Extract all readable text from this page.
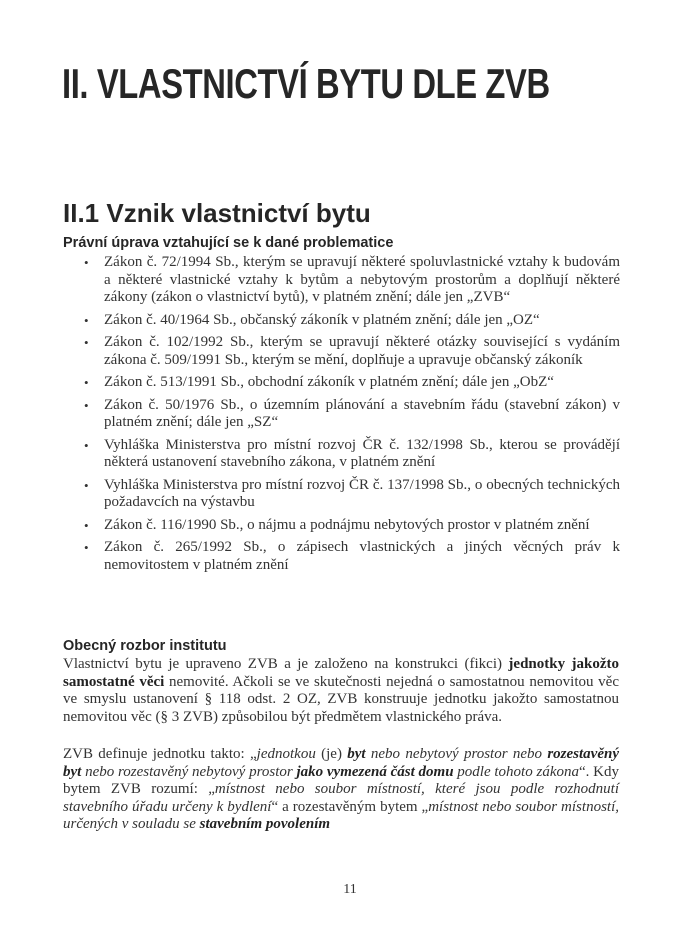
II. VLASTNICTVÍ BYTU DLE ZVB
II.1 Vznik vlastnictví bytu
Právní úprava vztahující se k dané problematice
• Zákon č. 72/1994 Sb., kterým se upravují některé spoluvlastnické vztahy k budovám a některé vlastnické vztahy k bytům a nebytovým prostorům a doplňují některé zákony (zákon o vlastnictví bytů), v platném znění; dále jen „ZVB“
• Zákon č. 40/1964 Sb., občanský zákoník v platném znění; dále jen „OZ“
• Zákon č. 102/1992 Sb., kterým se upravují některé otázky související s vydáním zákona č. 509/1991 Sb., kterým se mění, doplňuje a upravuje občanský zákoník
• Zákon č. 513/1991 Sb., obchodní zákoník v platném znění; dále jen „ObZ“
• Zákon č. 50/1976 Sb., o územním plánování a stavebním řádu (stavební zákon) v platném znění; dále jen „SZ“
• Vyhláška Ministerstva pro místní rozvoj ČR č. 132/1998 Sb., kterou se provádějí některá ustanovení stavebního zákona, v platném znění
• Vyhláška Ministerstva pro místní rozvoj ČR č. 137/1998 Sb., o obecných technických požadavcích na výstavbu
• Zákon č. 116/1990 Sb., o nájmu a podnájmu nebytových prostor v platném znění
• Zákon č. 265/1992 Sb., o zápisech vlastnických a jiných věcných práv k nemovitostem v platném znění
Obecný rozbor institutu

Vlastnictví bytu je upraveno ZVB a je založeno na konstrukci (fikci) jednotky jakožto samostatné věci nemovité. Ačkoli se ve skutečnosti nejedná o samostatnou nemovitou věc ve smyslu ustanovení § 118 odst. 2 OZ, ZVB konstruuje jednotku jakožto samostatnou nemovitou věc (§ 3 ZVB) způsobilou být předmětem vlastnického práva.

ZVB definuje jednotku takto: „jednotkou (je) byt nebo nebytový prostor nebo rozestavěný byt nebo rozestavěný nebytový prostor jako vymezená část domu podle tohoto zákona“. Kdy bytem ZVB rozumí: „místnost nebo soubor místností, které jsou podle rozhodnutí stavebního úřadu určeny k bydlení“ a rozestavěným bytem „místnost nebo soubor místností, určených v souladu se stavebním povolením

11
